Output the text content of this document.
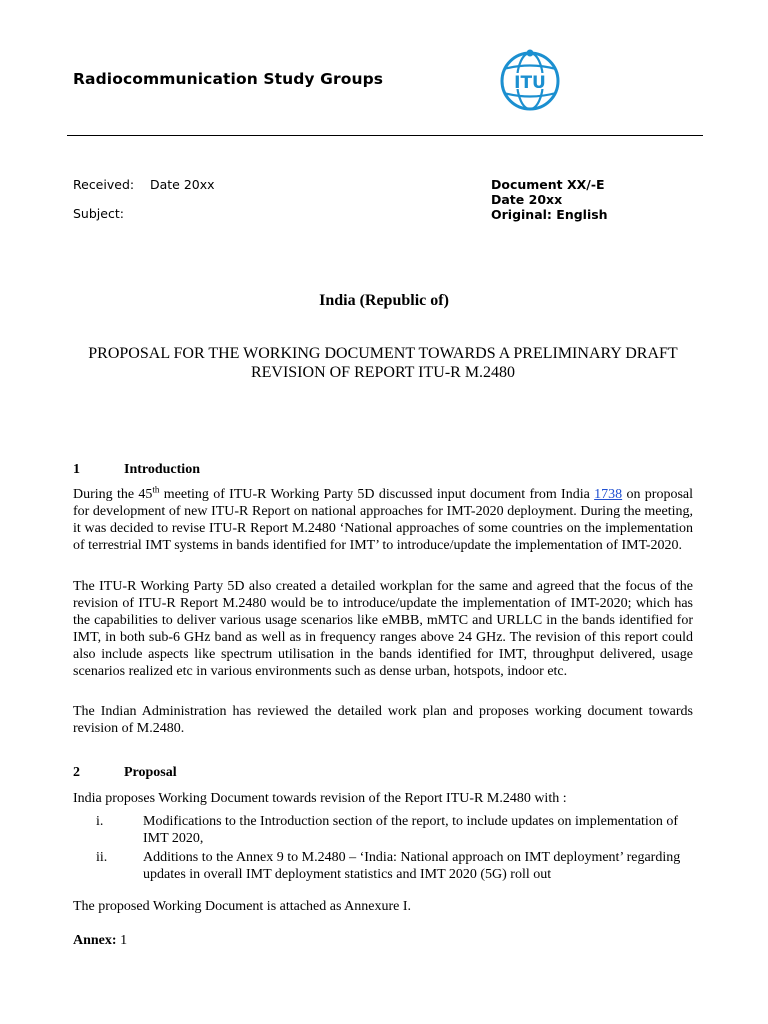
Radiocommunication Study Groups	ITU
Received: Date 20xx
Subject:
Document XX/-E
Date 20xx
Original: English
India (Republic of)
PROPOSAL FOR THE WORKING DOCUMENT TOWARDS A PRELIMINARY DRAFT REVISION OF REPORT ITU-R M.2480
1	Introduction

During the 45th meeting of ITU-R Working Party 5D discussed input document from India 1738 on proposal for development of new ITU-R Report on national approaches for IMT-2020 deployment. During the meeting, it was decided to revise ITU-R Report M.2480 ‘National approaches of some countries on the implementation of terrestrial IMT systems in bands identified for IMT’ to introduce/update the implementation of IMT-2020.

The ITU-R Working Party 5D also created a detailed workplan for the same and agreed that the focus of the revision of ITU-R Report M.2480 would be to introduce/update the implementation of IMT-2020; which has the capabilities to deliver various usage scenarios like eMBB, mMTC and URLLC in the bands identified for IMT, in both sub-6 GHz band as well as in frequency ranges above 24 GHz. The revision of this report could also include aspects like spectrum utilisation in the bands identified for IMT, throughput delivered, usage scenarios realized etc in various environments such as dense urban, hotspots, indoor etc.

The Indian Administration has reviewed the detailed work plan and proposes working document towards revision of M.2480.

2	Proposal

India proposes Working Document towards revision of the Report ITU-R M.2480 with :

i.	Modifications to the Introduction section of the report, to include updates on implementation of IMT 2020,
ii.	Additions to the Annex 9 to M.2480 – ‘India: National approach on IMT deployment’ regarding updates in overall IMT deployment statistics and IMT 2020 (5G) roll out

The proposed Working Document is attached as Annexure I.

Annex: 1
